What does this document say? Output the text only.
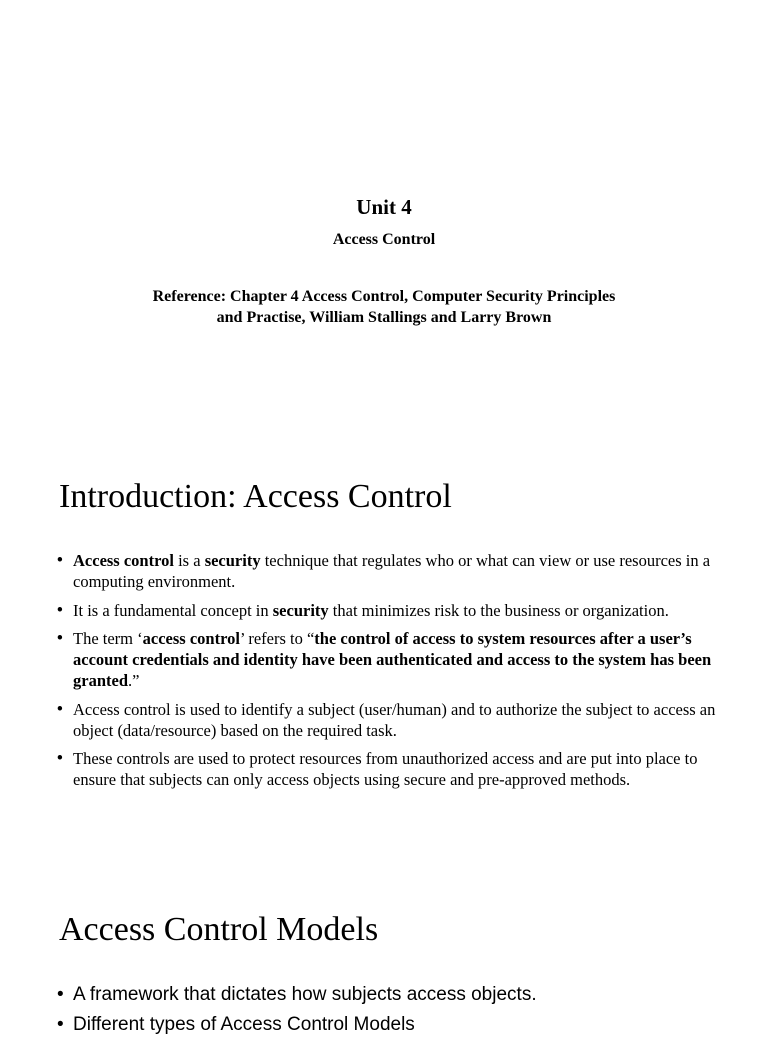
Unit 4
Access Control
Reference: Chapter 4 Access Control, Computer Security Principles
and Practise, William Stallings and Larry Brown
Introduction: Access Control
• Access control is a security technique that regulates who or what can view or use resources in a computing environment.
• It is a fundamental concept in security that minimizes risk to the business or organization.
• The term ‘access control’ refers to “the control of access to system resources after a user’s account credentials and identity have been authenticated and access to the system has been granted.”
• Access control is used to identify a subject (user/human) and to authorize the subject to access an object (data/resource) based on the required task.
• These controls are used to protect resources from unauthorized access and are put into place to ensure that subjects can only access objects using secure and pre-approved methods.
Access Control Models
• A framework that dictates how subjects access objects.
• Different types of Access Control Models
